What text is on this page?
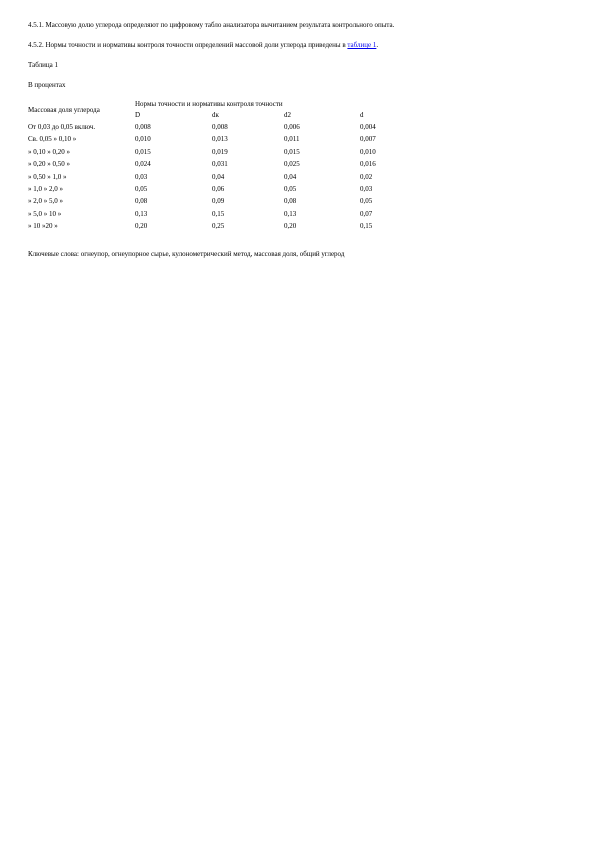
4.5.1. Массовую долю углерода определяют по цифровому табло анализатора вычитанием результата контрольного опыта.
4.5.2. Нормы точности и нормативы контроля точности определений массовой доли углерода приведены в таблице 1.
Таблица 1
В процентах
Массовая доля углерода	Нормы точности и нормативы контроля точности			
	D	dк	d2	d
От 0,03 до 0,05 включ.	0,008	0,008	0,006	0,004
Св. 0,05 » 0,10 »	0,010	0,013	0,011	0,007
» 0,10 » 0,20 »	0,015	0,019	0,015	0,010
» 0,20 » 0,50 »	0,024	0,031	0,025	0,016
» 0,50 » 1,0 »	0,03	0,04	0,04	0,02
» 1,0 » 2,0 »	0,05	0,06	0,05	0,03
» 2,0 » 5,0 »	0,08	0,09	0,08	0,05
» 5,0 » 10 »	0,13	0,15	0,13	0,07
» 10 »20 »	0,20	0,25	0,20	0,15
Ключевые слова: огнеупор, огнеупорное сырье, кулонометрический метод, массовая доля, общий углерод
